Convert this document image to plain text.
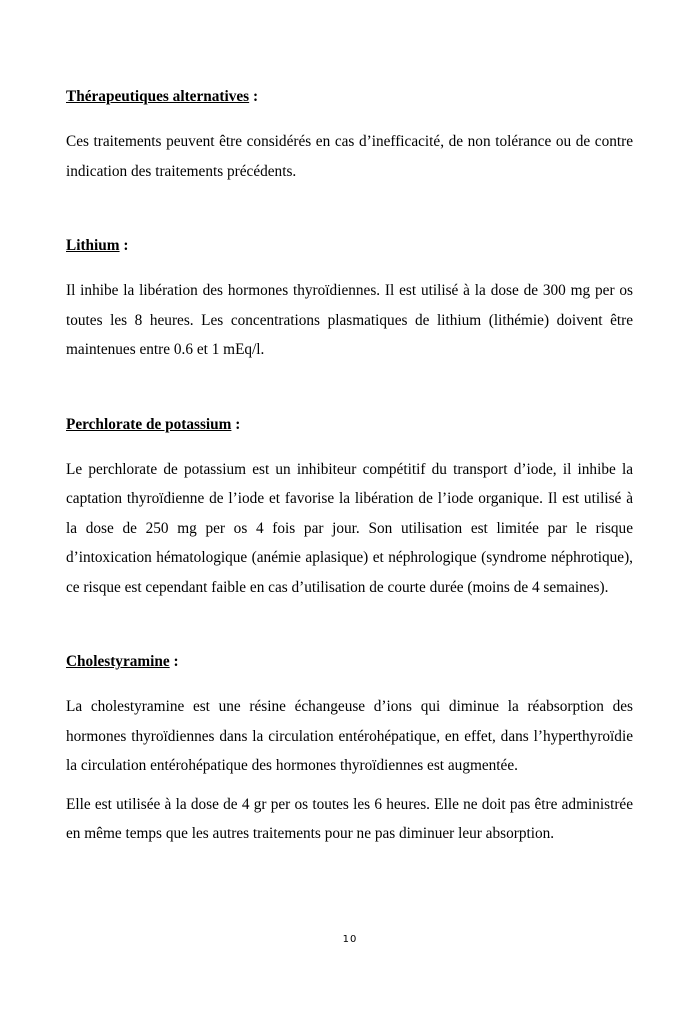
Thérapeutiques alternatives :

Ces traitements peuvent être considérés en cas d’inefficacité, de non tolérance ou de contre indication des traitements précédents.

Lithium :

Il inhibe la libération des hormones thyroïdiennes. Il est utilisé à la dose de 300 mg per os toutes les 8 heures. Les concentrations plasmatiques de lithium (lithémie) doivent être maintenues entre 0.6 et 1 mEq/l.

Perchlorate de potassium :

Le perchlorate de potassium est un inhibiteur compétitif du transport d’iode, il inhibe la captation thyroïdienne de l’iode et favorise la libération de l’iode organique. Il est utilisé à la dose de 250 mg per os 4 fois par jour. Son utilisation est limitée par le risque d’intoxication hématologique (anémie aplasique) et néphrologique (syndrome néphrotique), ce risque est cependant faible en cas d’utilisation de courte durée (moins de 4 semaines).

Cholestyramine :

La cholestyramine est une résine échangeuse d’ions qui diminue la réabsorption des hormones thyroïdiennes dans la circulation entérohépatique, en effet, dans l’hyperthyroïdie la circulation entérohépatique des hormones thyroïdiennes est augmentée.

Elle est utilisée à la dose de 4 gr per os toutes les 6 heures. Elle ne doit pas être administrée en même temps que les autres traitements pour ne pas diminuer leur absorption.

10
